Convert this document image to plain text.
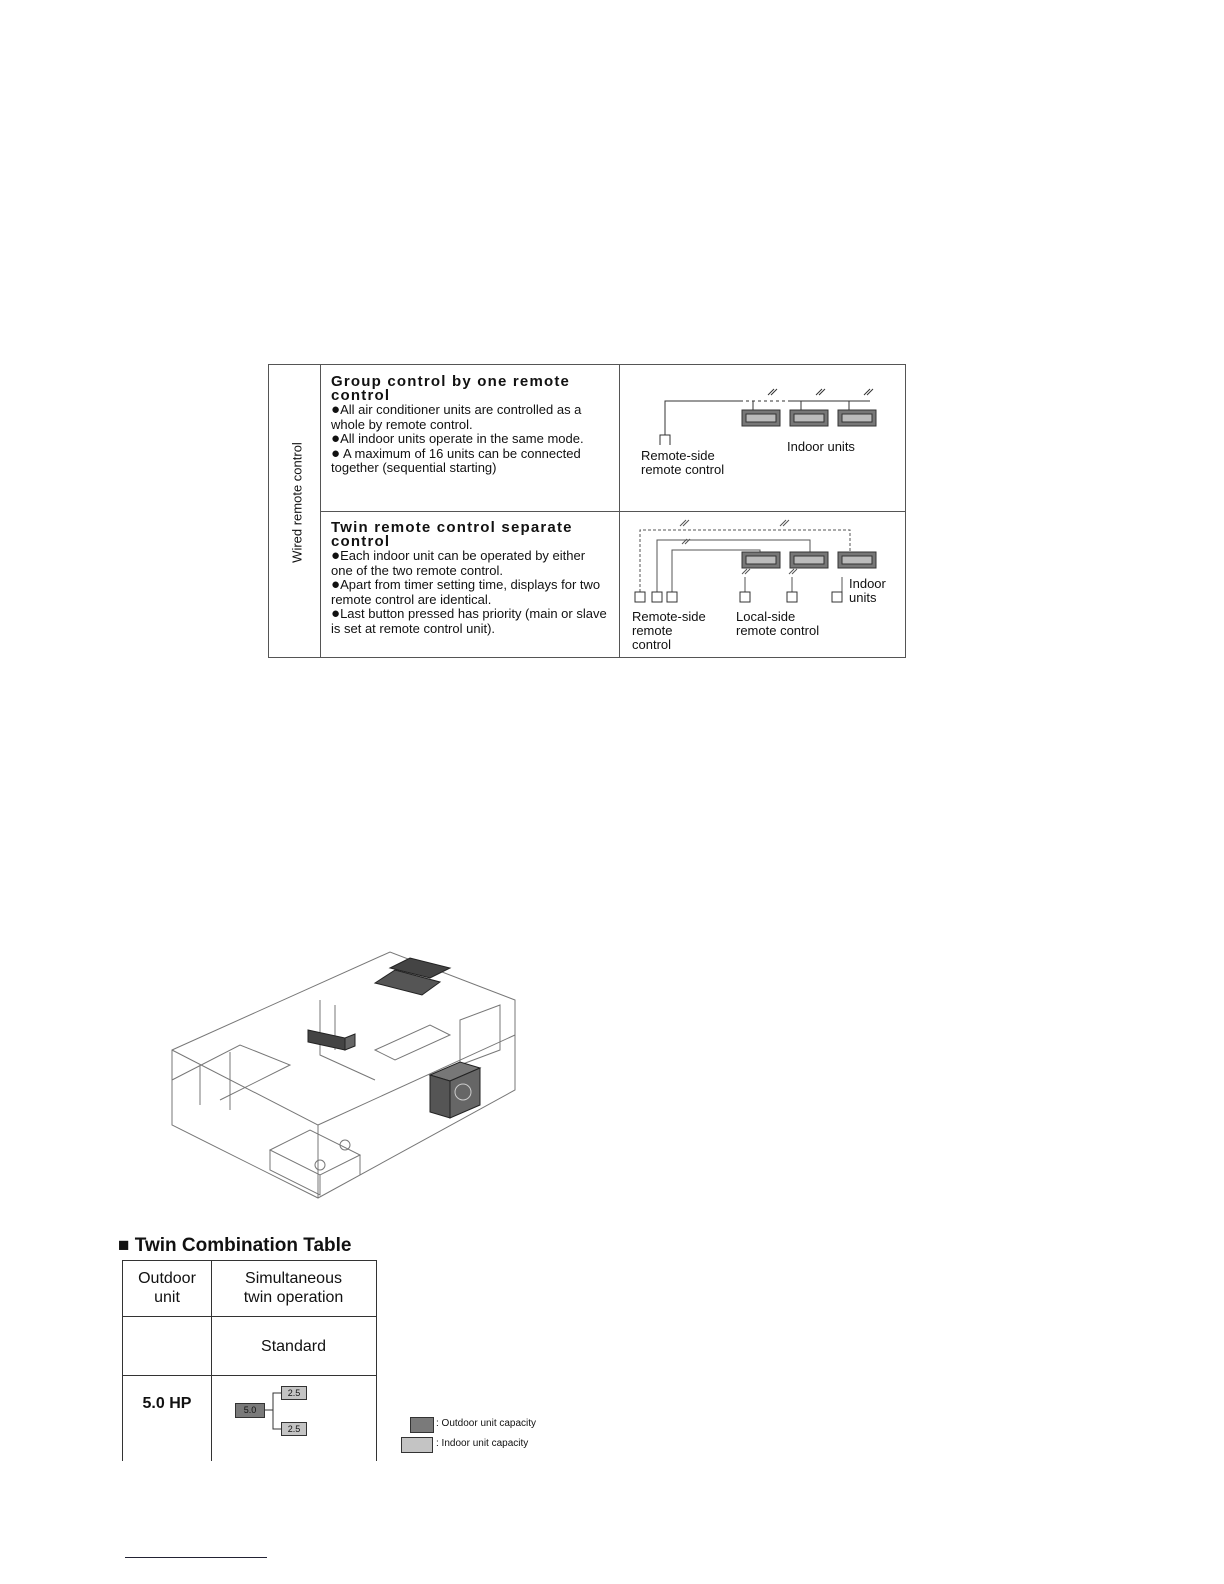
Wired remote control
Group control by one remote control
●All air conditioner units are controlled as a whole by remote control.
●All indoor units operate in the same mode.
● A maximum of 16 units can be connected together (sequential starting)
Twin remote control separate control
●Each indoor unit can be operated by either one of the two remote control.
●Apart from timer setting time, displays for two remote control are identical.
●Last button pressed has priority (main or slave is set at remote control unit).
Remote-side
remote control
Indoor units
Remote-side
remote
control
Local-side
remote control
Indoor
units
■ Twin Combination Table
Outdoor
unit
Simultaneous
twin operation
Standard
5.0 HP	5.0
2.5
2.5	: Outdoor unit capacity
: Indoor unit capacity
